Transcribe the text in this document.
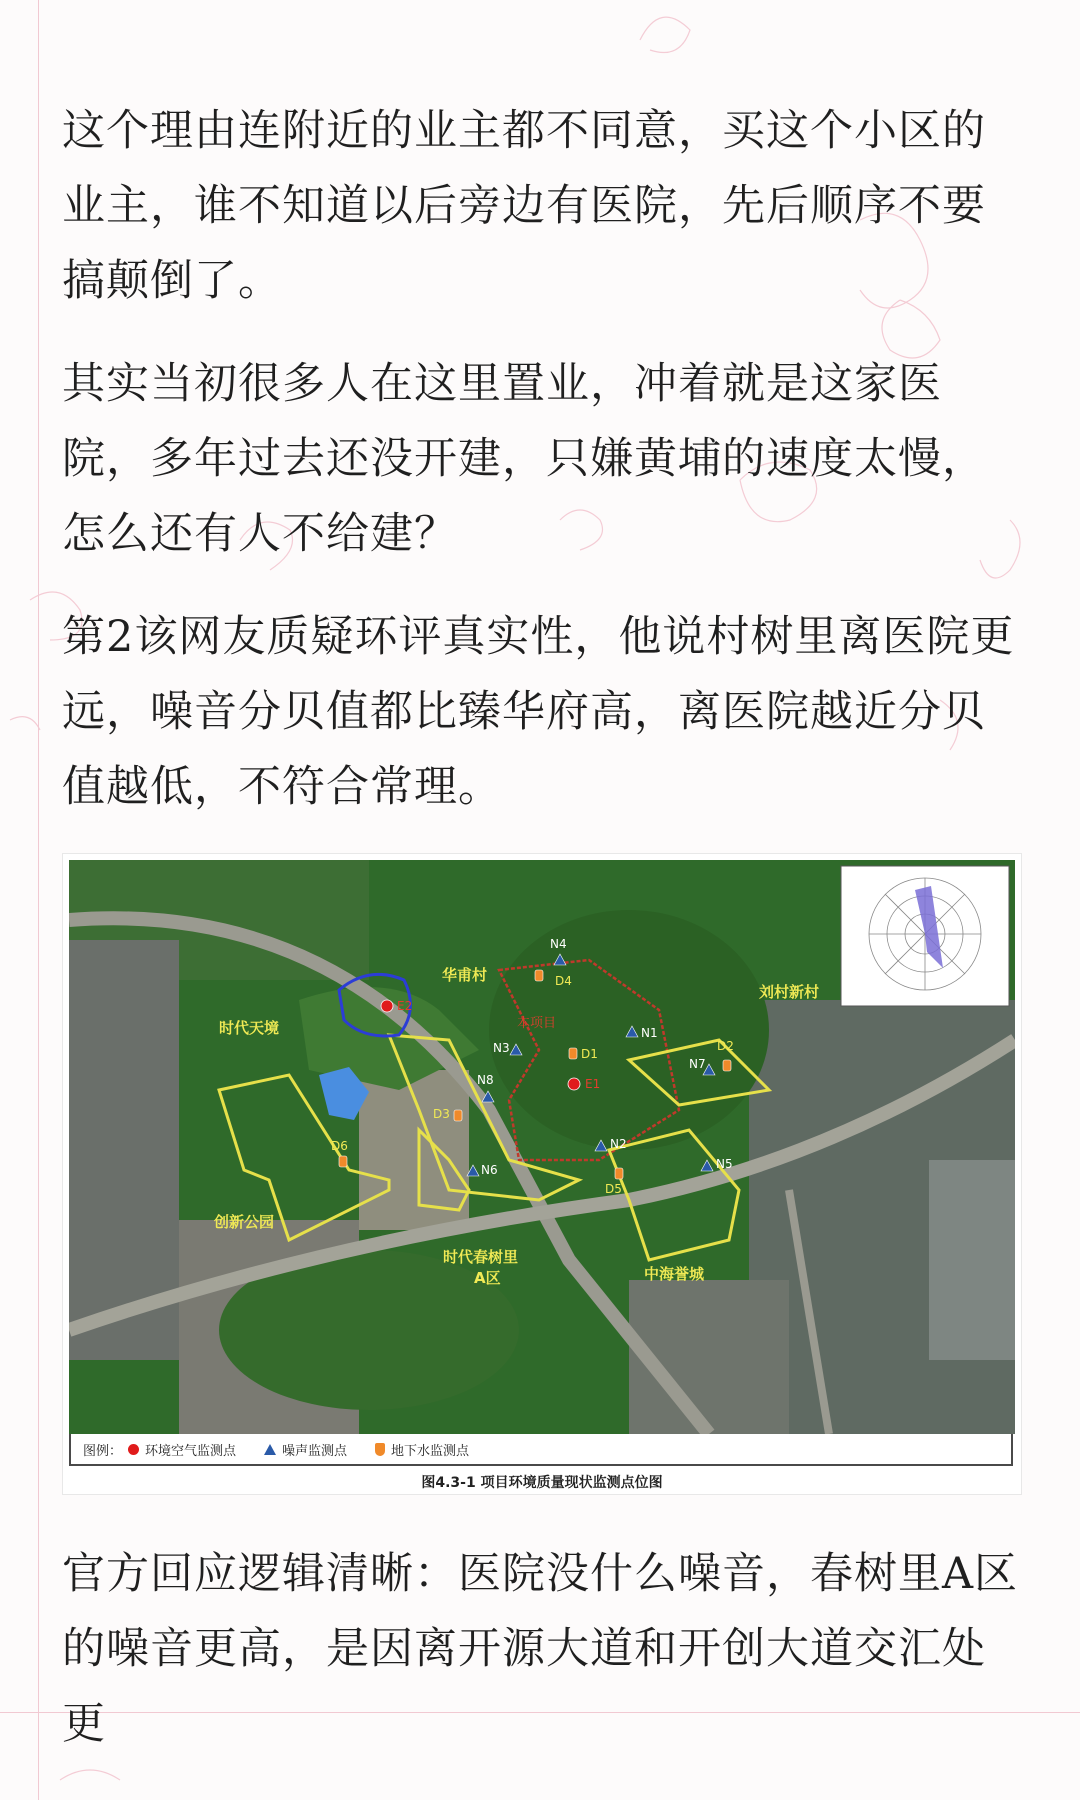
这个理由连附近的业主都不同意，买这个小区的业主，谁不知道以后旁边有医院，先后顺序不要搞颠倒了。

其实当初很多人在这里置业，冲着就是这家医院，多年过去还没开建，只嫌黄埔的速度太慢，怎么还有人不给建？

第2该网友质疑环评真实性，他说村树里离医院更远，噪音分贝值都比臻华府高，离医院越近分贝值越低，不符合常理。

时代天境
华甫村
刘村新村
创新公园
时代春树里
A区	中海誉城
本项目
N1
N2
N3
N4
N5
N6
N7
N8
D4
D1
D2
D3
D5
D6
E1
E2
图例： 环境空气监测点	噪声监测点	地下水监测点
图4.3-1 项目环境质量现状监测点位图

官方回应逻辑清晰：医院没什么噪音，春树里A区的噪音更高，是因离开源大道和开创大道交汇处更
